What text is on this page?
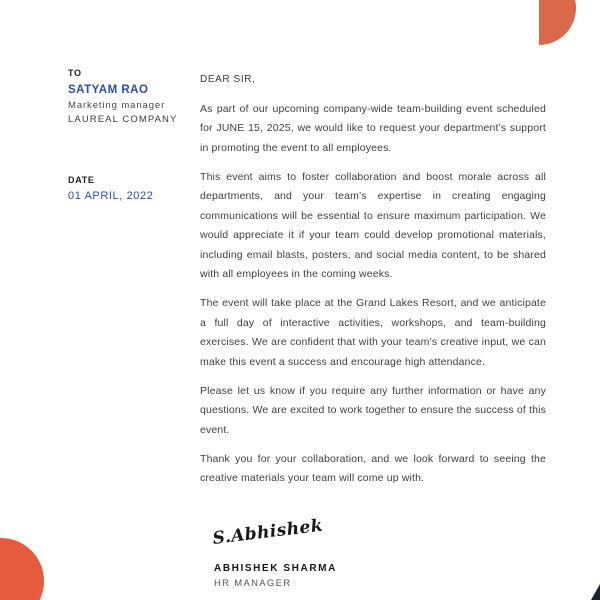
TO
SATYAM RAO
Marketing manager
LAUREAL COMPANY
DATE
01 APRIL, 2022

DEAR SIR,

As part of our upcoming company-wide team-building event scheduled for JUNE 15, 2025, we would like to request your department’s support in promoting the event to all employees.

This event aims to foster collaboration and boost morale across all departments, and your team’s expertise in creating engaging communications will be essential to ensure maximum participation. We would appreciate it if your team could develop promotional materials, including email blasts, posters, and social media content, to be shared with all employees in the coming weeks.

The event will take place at the Grand Lakes Resort, and we anticipate a full day of interactive activities, workshops, and team-building exercises. We are confident that with your team’s creative input, we can make this event a success and encourage high attendance.

Please let us know if you require any further information or have any questions. We are excited to work together to ensure the success of this event.

Thank you for your collaboration, and we look forward to seeing the creative materials your team will come up with.

S.Abhishek
ABHISHEK SHARMA
HR MANAGER
